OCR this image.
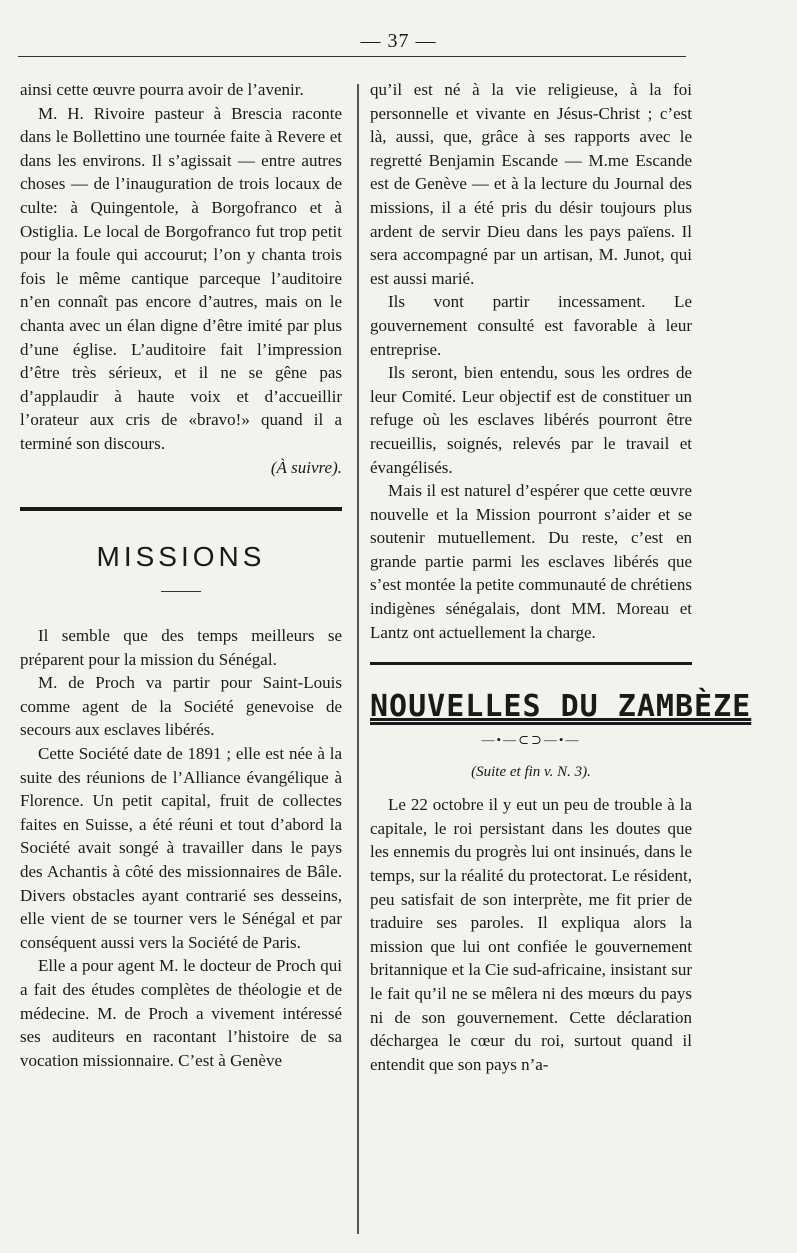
— 37 —

ainsi cette œuvre pourra avoir de l’avenir.

M. H. Rivoire pasteur à Brescia raconte dans le Bollettino une tournée faite à Revere et dans les environs. Il s’agissait — entre autres choses — de l’inauguration de trois locaux de culte: à Quingentole, à Borgofranco et à Ostiglia. Le local de Borgofranco fut trop petit pour la foule qui accourut; l’on y chanta trois fois le même cantique parceque l’auditoire n’en connaît pas encore d’autres, mais on le chanta avec un élan digne d’être imité par plus d’une église. L’auditoire fait l’impression d’être très sérieux, et il ne se gêne pas d’applaudir à haute voix et d’accueillir l’orateur aux cris de «bravo!» quand il a terminé son discours.

(À suivre).

MISSIONS

Il semble que des temps meilleurs se préparent pour la mission du Sénégal.

M. de Proch va partir pour Saint-Louis comme agent de la Société genevoise de secours aux esclaves libérés.

Cette Société date de 1891 ; elle est née à la suite des réunions de l’Alliance évangélique à Florence. Un petit capital, fruit de collectes faites en Suisse, a été réuni et tout d’abord la Société avait songé à travailler dans le pays des Achantis à côté des missionnaires de Bâle. Divers obstacles ayant contrarié ses desseins, elle vient de se tourner vers le Sénégal et par conséquent aussi vers la Société de Paris.

Elle a pour agent M. le docteur de Proch qui a fait des études complètes de théologie et de médecine. M. de Proch a vivement intéressé ses auditeurs en racontant l’histoire de sa vocation missionnaire. C’est à Genève

qu’il est né à la vie religieuse, à la foi personnelle et vivante en Jésus-Christ ; c’est là, aussi, que, grâce à ses rapports avec le regretté Benjamin Escande — M.me Escande est de Genève — et à la lecture du Journal des missions, il a été pris du désir toujours plus ardent de servir Dieu dans les pays païens. Il sera accompagné par un artisan, M. Junot, qui est aussi marié.

Ils vont partir incessament. Le gouvernement consulté est favorable à leur entreprise.

Ils seront, bien entendu, sous les ordres de leur Comité. Leur objectif est de constituer un refuge où les esclaves libérés pourront être recueillis, soignés, relevés par le travail et évangélisés.

Mais il est naturel d’espérer que cette œuvre nouvelle et la Mission pourront s’aider et se soutenir mutuellement. Du reste, c’est en grande partie parmi les esclaves libérés que s’est montée la petite communauté de chrétiens indigènes sénégalais, dont MM. Moreau et Lantz ont actuellement la charge.

NOUVELLES DU ZAMBÈZE
—•—⊂⊃—•—
(Suite et fin v. N. 3).

Le 22 octobre il y eut un peu de trouble à la capitale, le roi persistant dans les doutes que les ennemis du progrès lui ont insinués, dans le temps, sur la réalité du protectorat. Le résident, peu satisfait de son interprète, me fit prier de traduire ses paroles. Il expliqua alors la mission que lui ont confiée le gouvernement britannique et la Cie sud-africaine, insistant sur le fait qu’il ne se mêlera ni des mœurs du pays ni de son gouvernement. Cette déclaration déchargea le cœur du roi, surtout quand il entendit que son pays n’a-
